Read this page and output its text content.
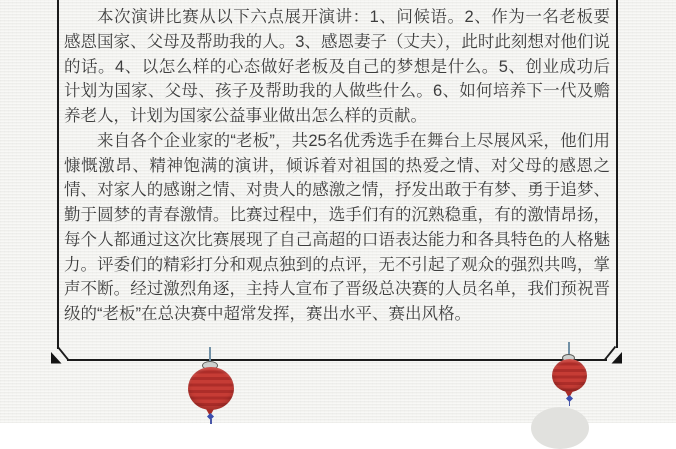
本次演讲比赛从以下六点展开演讲：1、问候语。2、作为一名老板要感恩国家、父母及帮助我的人。3、感恩妻子（丈夫），此时此刻想对他们说的话。4、以怎么样的心态做好老板及自己的梦想是什么。5、创业成功后计划为国家、父母、孩子及帮助我的人做些什么。6、如何培养下一代及赡养老人，计划为国家公益事业做出怎么样的贡献。

来自各个企业家的“老板”，共25名优秀选手在舞台上尽展风采，他们用慷慨激昂、精神饱满的演讲，倾诉着对祖国的热爱之情、对父母的感恩之情、对家人的感谢之情、对贵人的感激之情，抒发出敢于有梦、勇于追梦、勤于圆梦的青春激情。比赛过程中，选手们有的沉熟稳重，有的激情昂扬，每个人都通过这次比赛展现了自己高超的口语表达能力和各具特色的人格魅力。评委们的精彩打分和观点独到的点评，无不引起了观众的强烈共鸣，掌声不断。经过激烈角逐，主持人宣布了晋级总决赛的人员名单，我们预祝晋级的“老板”在总决赛中超常发挥，赛出水平、赛出风格。
